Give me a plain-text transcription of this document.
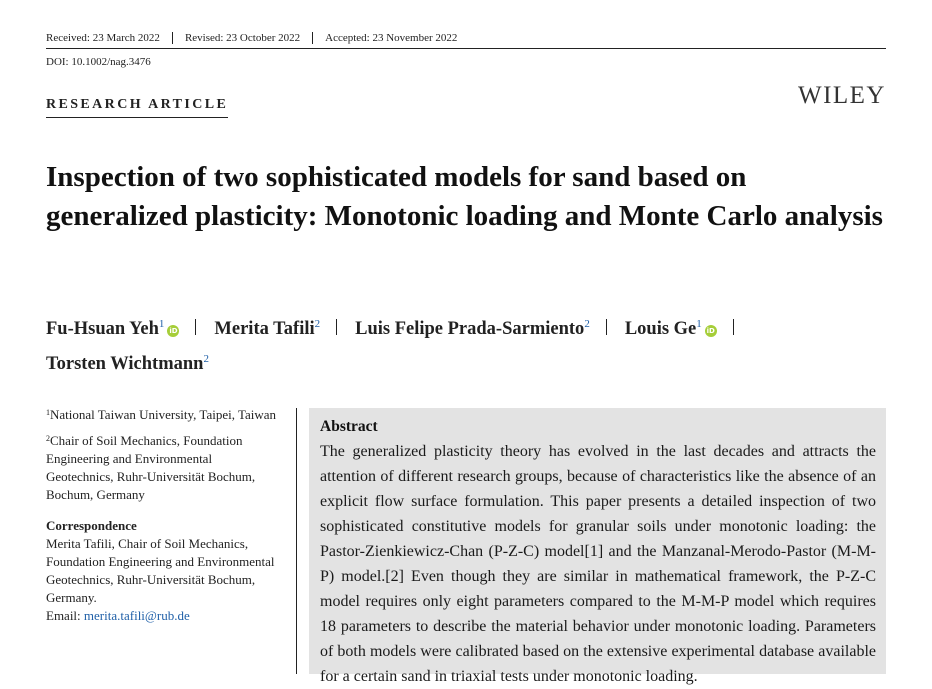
Received: 23 March 2022	Revised: 23 October 2022	Accepted: 23 November 2022
DOI: 10.1002/nag.3476
RESEARCH ARTICLE	WILEY
Inspection of two sophisticated models for sand based on generalized plasticity: Monotonic loading and Monte Carlo analysis
Fu-Hsuan Yeh$^1$iD Merita Tafili$^2$ Luis Felipe Prada-Sarmiento$^2$ Louis Ge$^1$iD
Torsten Wichtmann$^2$
$^1$National Taiwan University, Taipei, Taiwan
$^2$Chair of Soil Mechanics, Foundation Engineering and Environmental Geotechnics, Ruhr-Universität Bochum, Bochum, Germany
Correspondence
Merita Tafili, Chair of Soil Mechanics, Foundation Engineering and Environmental Geotechnics, Ruhr-Universität Bochum, Germany.
Email: merita.tafili@rub.de
Abstract

The generalized plasticity theory has evolved in the last decades and attracts the attention of different research groups, because of characteristics like the absence of an explicit flow surface formulation. This paper presents a detailed inspection of two sophisticated constitutive models for granular soils under monotonic loading: the Pastor-Zienkiewicz-Chan (P-Z-C) model[1] and the Manzanal-Merodo-Pastor (M-M-P) model.[2] Even though they are similar in mathematical framework, the P-Z-C model requires only eight parameters compared to the M-M-P model which requires 18 parameters to describe the material behavior under monotonic loading. Parameters of both models were calibrated based on the extensive experimental database available for a certain sand in triaxial tests under monotonic loading.
